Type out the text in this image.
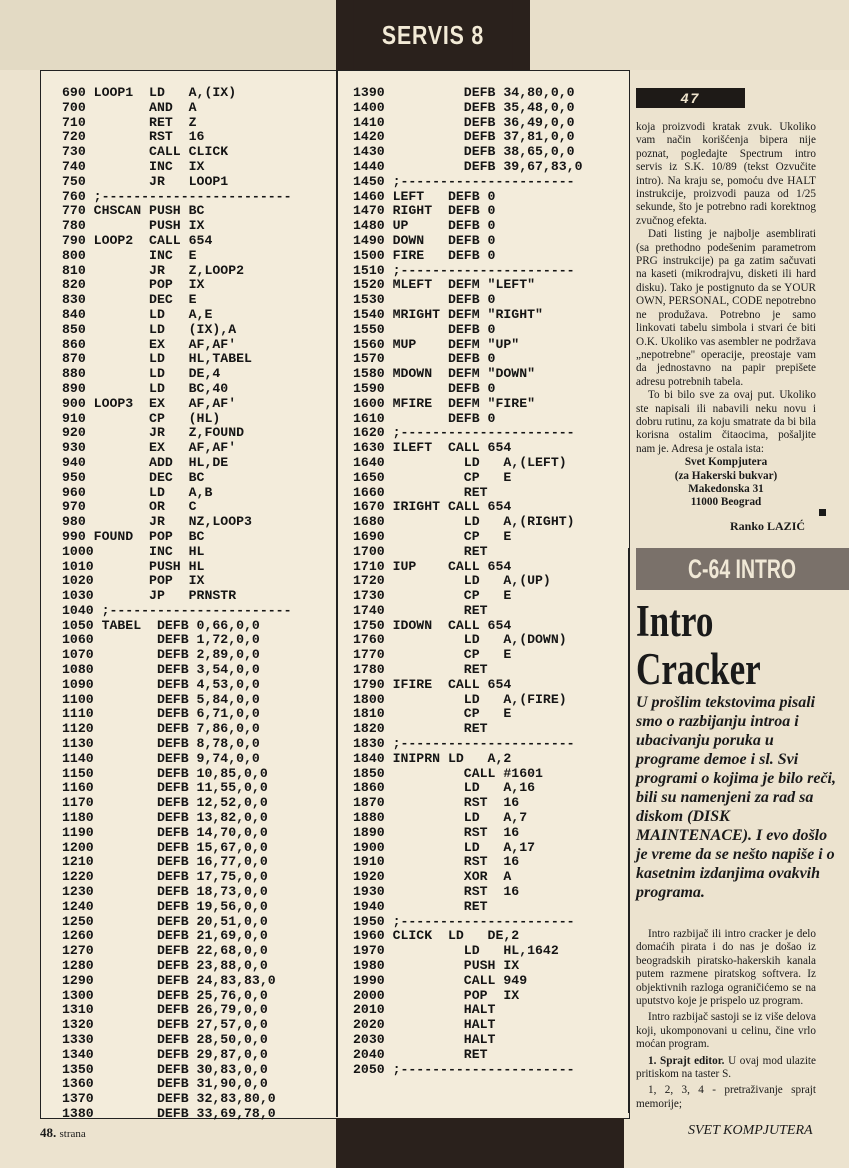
SERVIS 8
690 LOOP1  LD   A,(IX)
700        AND  A
710        RET  Z
720        RST  16
730        CALL CLICK
740        INC  IX
750        JR   LOOP1
760 ;------------------------
770 CHSCAN PUSH BC
780        PUSH IX
790 LOOP2  CALL 654
800        INC  E
810        JR   Z,LOOP2
820        POP  IX
830        DEC  E
840        LD   A,E
850        LD   (IX),A
860        EX   AF,AF'
870        LD   HL,TABEL
880        LD   DE,4
890        LD   BC,40
900 LOOP3  EX   AF,AF'
910        CP   (HL)
920        JR   Z,FOUND
930        EX   AF,AF'
940        ADD  HL,DE
950        DEC  BC
960        LD   A,B
970        OR   C
980        JR   NZ,LOOP3
990 FOUND  POP  BC
1000       INC  HL
1010       PUSH HL
1020       POP  IX
1030       JP   PRNSTR
1040 ;-----------------------
1050 TABEL  DEFB 0,66,0,0
1060        DEFB 1,72,0,0
1070        DEFB 2,89,0,0
1080        DEFB 3,54,0,0
1090        DEFB 4,53,0,0
1100        DEFB 5,84,0,0
1110        DEFB 6,71,0,0
1120        DEFB 7,86,0,0
1130        DEFB 8,78,0,0
1140        DEFB 9,74,0,0
1150        DEFB 10,85,0,0
1160        DEFB 11,55,0,0
1170        DEFB 12,52,0,0
1180        DEFB 13,82,0,0
1190        DEFB 14,70,0,0
1200        DEFB 15,67,0,0
1210        DEFB 16,77,0,0
1220        DEFB 17,75,0,0
1230        DEFB 18,73,0,0
1240        DEFB 19,56,0,0
1250        DEFB 20,51,0,0
1260        DEFB 21,69,0,0
1270        DEFB 22,68,0,0
1280        DEFB 23,88,0,0
1290        DEFB 24,83,83,0
1300        DEFB 25,76,0,0
1310        DEFB 26,79,0,0
1320        DEFB 27,57,0,0
1330        DEFB 28,50,0,0
1340        DEFB 29,87,0,0
1350        DEFB 30,83,0,0
1360        DEFB 31,90,0,0
1370        DEFB 32,83,80,0
1380        DEFB 33,69,78,0
1390          DEFB 34,80,0,0
1400          DEFB 35,48,0,0
1410          DEFB 36,49,0,0
1420          DEFB 37,81,0,0
1430          DEFB 38,65,0,0
1440          DEFB 39,67,83,0
1450 ;----------------------
1460 LEFT   DEFB 0
1470 RIGHT  DEFB 0
1480 UP     DEFB 0
1490 DOWN   DEFB 0
1500 FIRE   DEFB 0
1510 ;----------------------
1520 MLEFT  DEFM "LEFT"
1530        DEFB 0
1540 MRIGHT DEFM "RIGHT"
1550        DEFB 0
1560 MUP    DEFM "UP"
1570        DEFB 0
1580 MDOWN  DEFM "DOWN"
1590        DEFB 0
1600 MFIRE  DEFM "FIRE"
1610        DEFB 0
1620 ;----------------------
1630 ILEFT  CALL 654
1640          LD   A,(LEFT)
1650          CP   E
1660          RET
1670 IRIGHT CALL 654
1680          LD   A,(RIGHT)
1690          CP   E
1700          RET
1710 IUP    CALL 654
1720          LD   A,(UP)
1730          CP   E
1740          RET
1750 IDOWN  CALL 654
1760          LD   A,(DOWN)
1770          CP   E
1780          RET
1790 IFIRE  CALL 654
1800          LD   A,(FIRE)
1810          CP   E
1820          RET
1830 ;----------------------
1840 INIPRN LD   A,2
1850          CALL #1601
1860          LD   A,16
1870          RST  16
1880          LD   A,7
1890          RST  16
1900          LD   A,17
1910          RST  16
1920          XOR  A
1930          RST  16
1940          RET
1950 ;----------------------
1960 CLICK  LD   DE,2
1970          LD   HL,1642
1980          PUSH IX
1990          CALL 949
2000          POP  IX
2010          HALT
2020          HALT
2030          HALT
2040          RET
2050 ;----------------------
47

koja proizvodi kratak zvuk. Ukoliko vam način korišćenja bipera nije poznat, pogledajte Spectrum intro servis iz S.K. 10/89 (tekst Ozvučite intro). Na kraju se, pomoću dve HALT instrukcije, proizvodi pauza od 1/25 sekunde, što je potrebno radi korektnog zvučnog efekta.

Dati listing je najbolje asemblirati (sa prethodno podešenim parametrom PRG instrukcije) pa ga zatim sačuvati na kaseti (mikrodrajvu, disketi ili hard disku). Tako je postignuto da se YOUR OWN, PERSONAL, CODE nepotrebno ne produžava. Potrebno je samo linkovati tabelu simbola i stvari će biti O.K. Ukoliko vas asembler ne podržava „nepotrebne" operacije, preostaje vam da jednostavno na papir prepišete adresu potrebnih tabela.

To bi bilo sve za ovaj put. Ukoliko ste napisali ili nabavili neku novu i dobru rutinu, za koju smatrate da bi bila korisna ostalim čitaocima, pošaljite nam je. Adresa je ostala ista:

Svet Kompjutera
(za Hakerski bukvar)
Makedonska 31
11000 Beograd
Ranko LAZIĆ
C-64 INTRO
Intro
Cracker
U prošlim tekstovima pisali smo o razbijanju introa i ubacivanju poruka u programe demoe i sl. Svi programi o kojima je bilo reči, bili su namenjeni za rad sa diskom (DISK MAINTENACE). I evo došlo je vreme da se nešto napiše i o kasetnim izdanjima ovakvih programa.

Intro razbijač ili intro cracker je delo domaćih pirata i do nas je došao iz beogradskih piratsko-hakerskih kanala putem razmene piratskog softvera. Iz objektivnih razloga ograničićemo se na uputstvo koje je prispelo uz program.

Intro razbijač sastoji se iz više delova koji, ukomponovani u celinu, čine vrlo moćan program.

1. Sprajt editor. U ovaj mod ulazite pritiskom na taster S.

1, 2, 3, 4 - pretraživanje sprajt memorije;

48. strana	SVET KOMPJUTERA
